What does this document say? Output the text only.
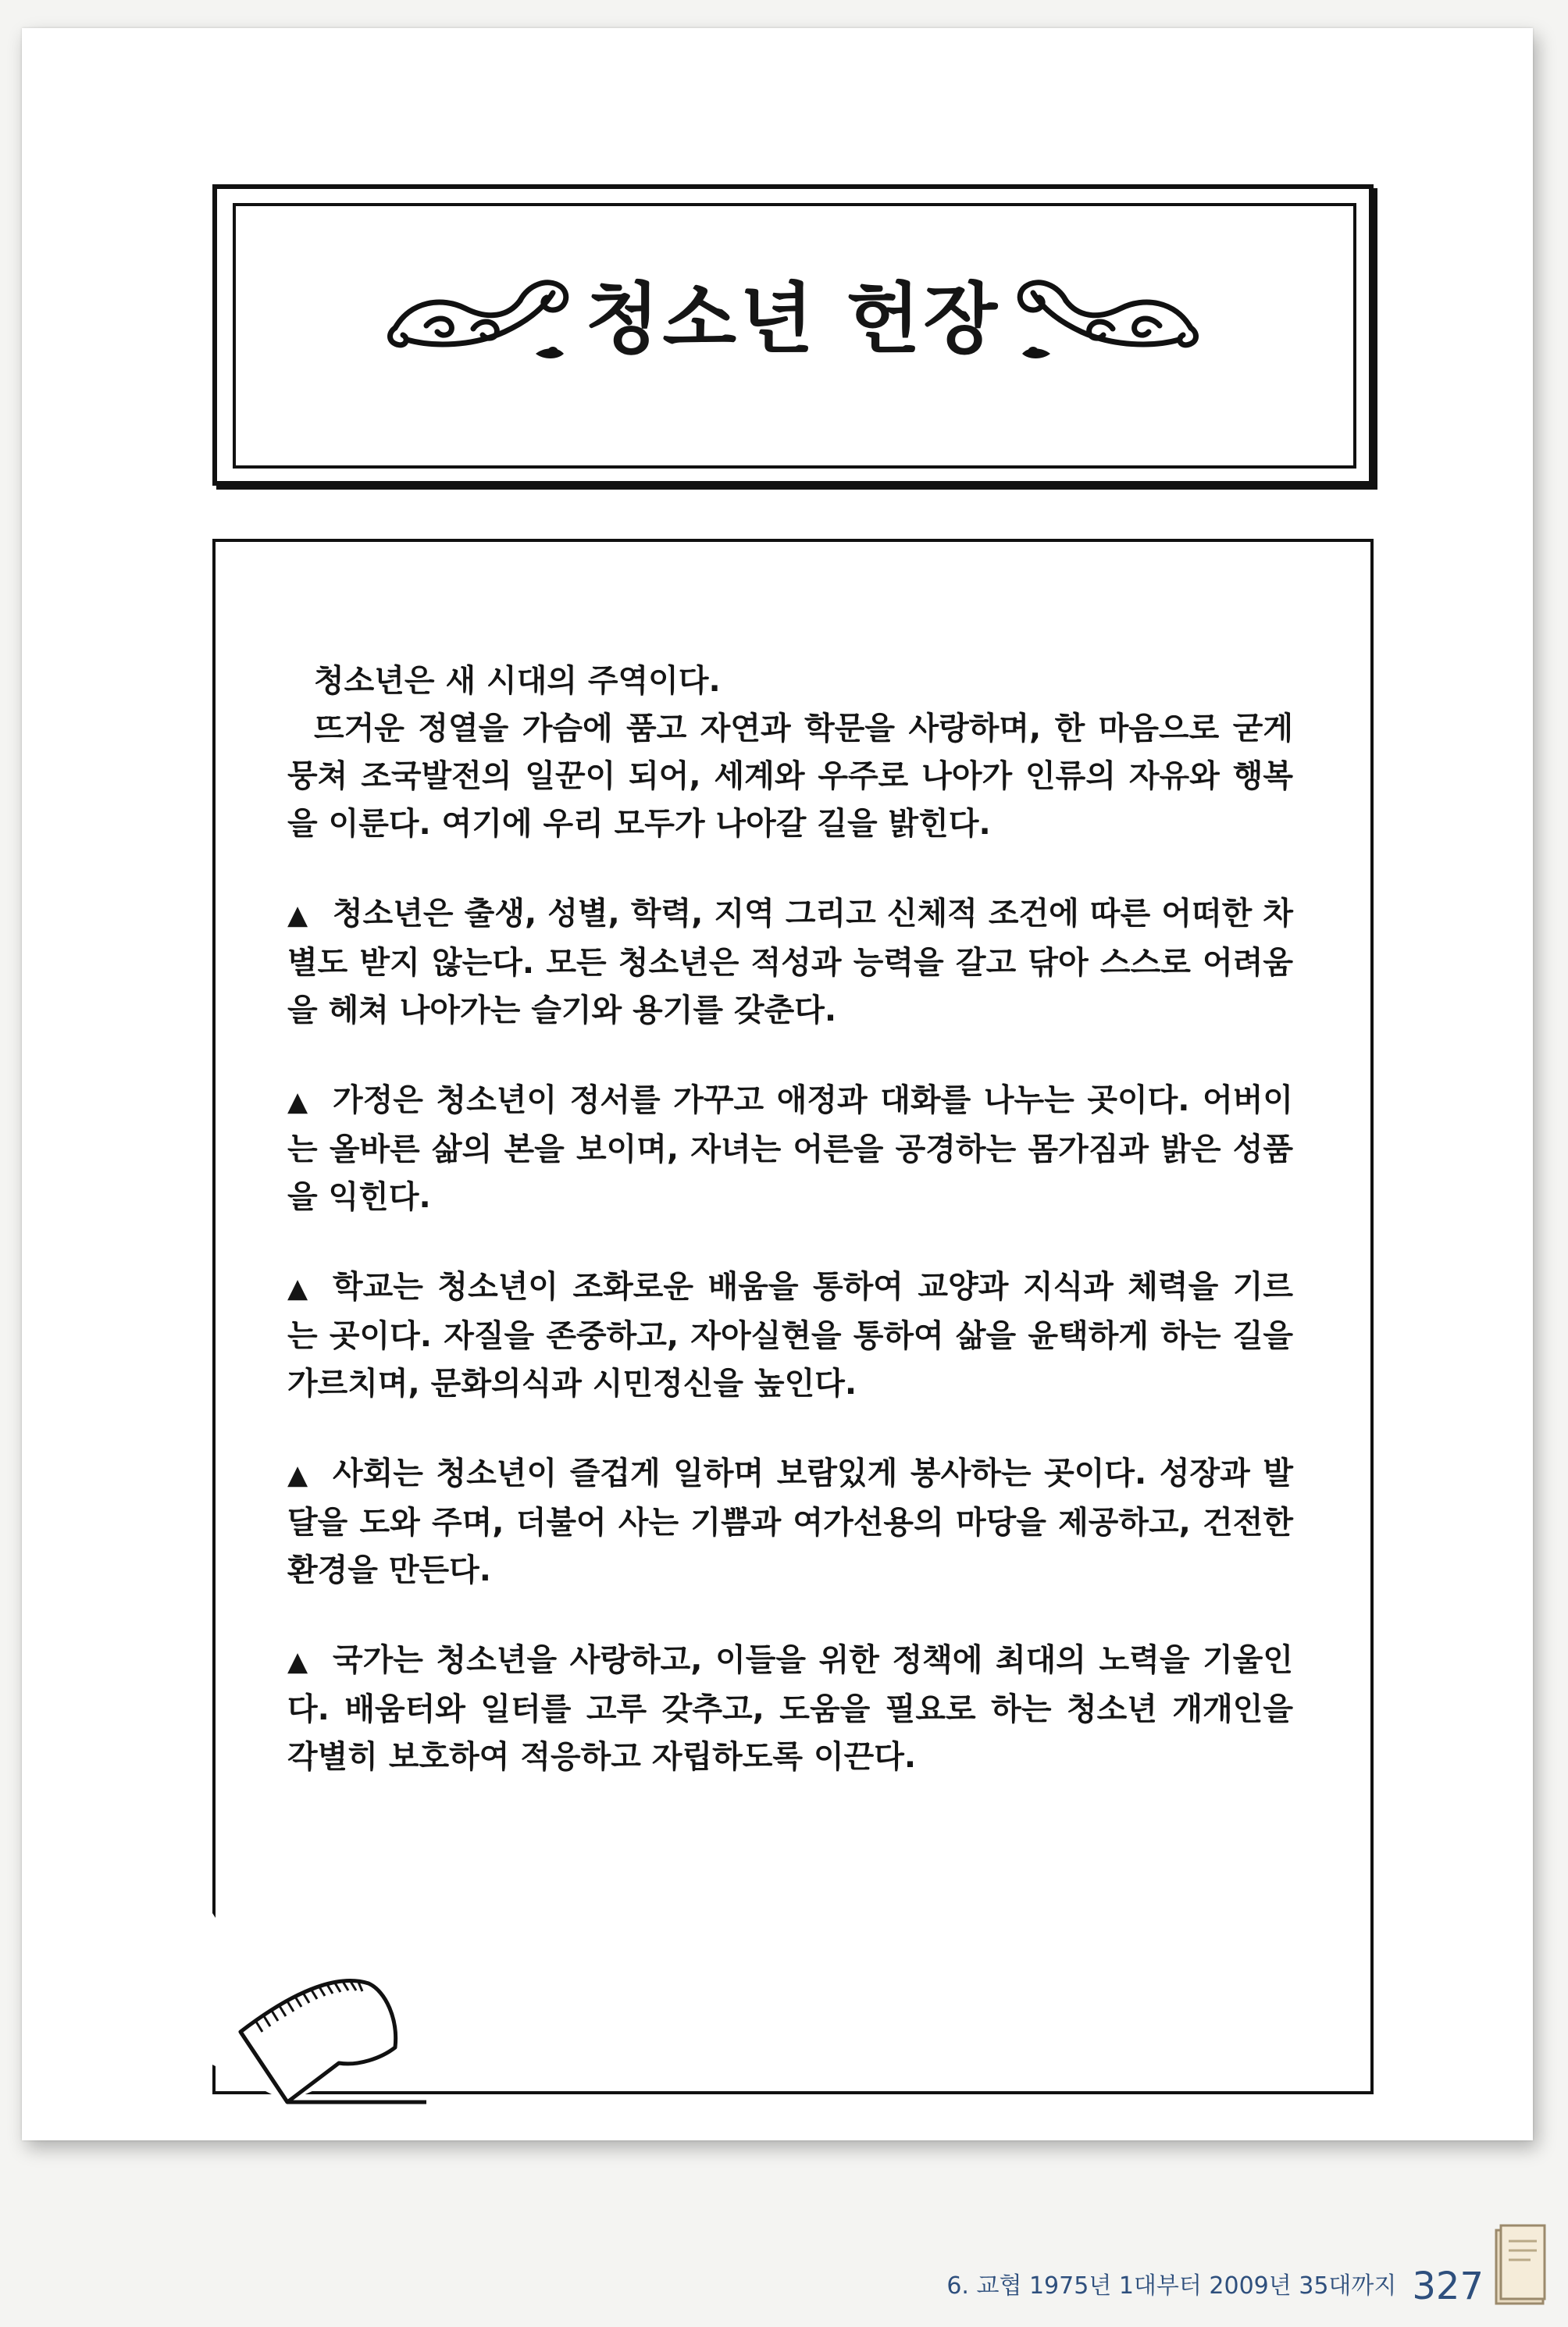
청소년 헌장

청소년은 새 시대의 주역이다.

뜨거운 정열을 가슴에 품고 자연과 학문을 사랑하며, 한 마음으로 굳게 뭉쳐 조국발전의 일꾼이 되어, 세계와 우주로 나아가 인류의 자유와 행복을 이룬다. 여기에 우리 모두가 나아갈 길을 밝힌다.

▲ 청소년은 출생, 성별, 학력, 지역 그리고 신체적 조건에 따른 어떠한 차별도 받지 않는다. 모든 청소년은 적성과 능력을 갈고 닦아 스스로 어려움을 헤쳐 나아가는 슬기와 용기를 갖춘다.

▲ 가정은 청소년이 정서를 가꾸고 애정과 대화를 나누는 곳이다. 어버이는 올바른 삶의 본을 보이며, 자녀는 어른을 공경하는 몸가짐과 밝은 성품을 익힌다.

▲ 학교는 청소년이 조화로운 배움을 통하여 교양과 지식과 체력을 기르는 곳이다. 자질을 존중하고, 자아실현을 통하여 삶을 윤택하게 하는 길을 가르치며, 문화의식과 시민정신을 높인다.

▲ 사회는 청소년이 즐겁게 일하며 보람있게 봉사하는 곳이다. 성장과 발달을 도와 주며, 더불어 사는 기쁨과 여가선용의 마당을 제공하고, 건전한 환경을 만든다.

▲ 국가는 청소년을 사랑하고, 이들을 위한 정책에 최대의 노력을 기울인다. 배움터와 일터를 고루 갖추고, 도움을 필요로 하는 청소년 개개인을 각별히 보호하여 적응하고 자립하도록 이끈다.

6. 교협 1975년 1대부터 2009년 35대까지 327
